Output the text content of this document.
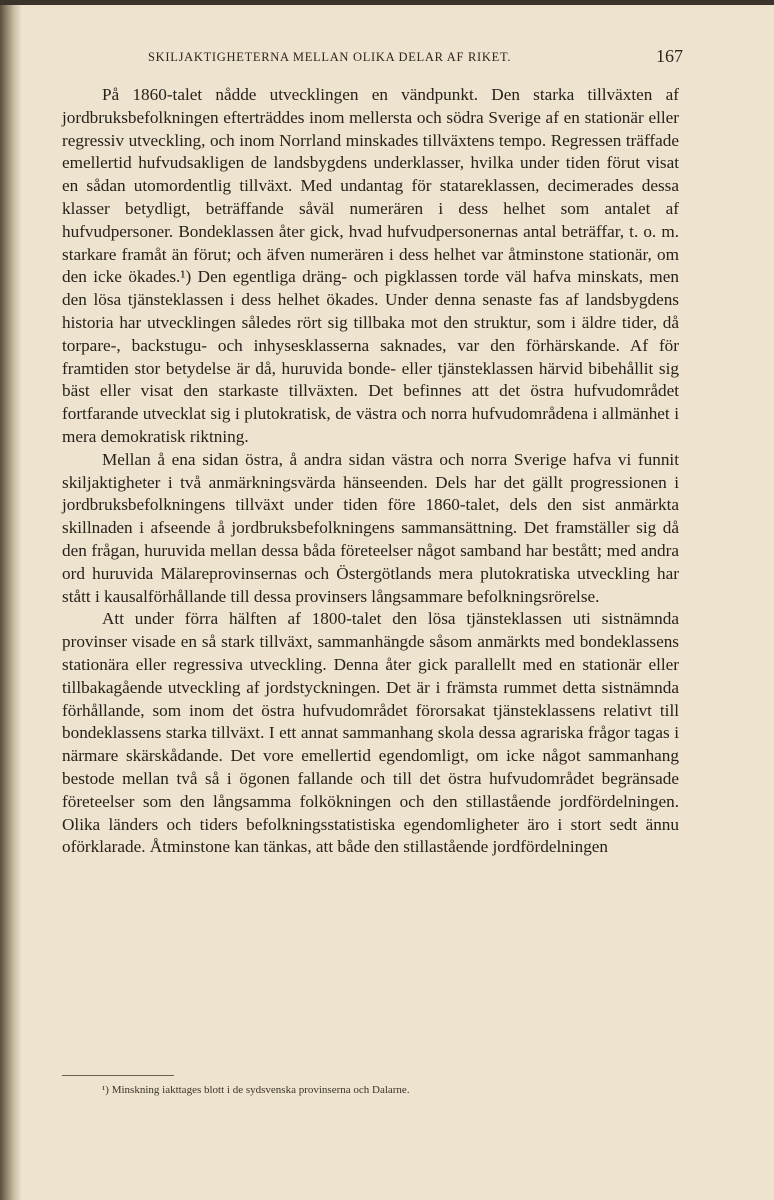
SKILJAKTIGHETERNA MELLAN OLIKA DELAR AF RIKET.	167

På 1860-talet nådde utvecklingen en vändpunkt. Den starka tillväxten af jordbruksbefolkningen efterträddes inom mellersta och södra Sverige af en stationär eller regressiv utveckling, och inom Norrland minskades tillväxtens tempo. Regressen träffade emellertid hufvudsakligen de landsbygdens underklasser, hvilka under tiden förut visat en sådan utomordentlig tillväxt. Med undantag för statareklassen, decimerades dessa klasser betydligt, beträffande såväl numerären i dess helhet som antalet af hufvudpersoner. Bondeklassen åter gick, hvad hufvudpersonernas antal beträffar, t. o. m. starkare framåt än förut; och äfven numerären i dess helhet var åtminstone stationär, om den icke ökades.¹) Den egentliga dräng- och pigklassen torde väl hafva minskats, men den lösa tjänsteklassen i dess helhet ökades. Under denna senaste fas af landsbygdens historia har utvecklingen således rört sig tillbaka mot den struktur, som i äldre tider, då torpare-, backstugu- och inhysesklasserna saknades, var den förhärskande. Af för framtiden stor betydelse är då, huruvida bonde- eller tjänsteklassen härvid bibehållit sig bäst eller visat den starkaste tillväxten. Det befinnes att det östra hufvudområdet fortfarande utvecklat sig i plutokratisk, de västra och norra hufvudområdena i allmänhet i mera demokratisk riktning.

Mellan å ena sidan östra, å andra sidan västra och norra Sverige hafva vi funnit skiljaktigheter i två anmärkningsvärda hänseenden. Dels har det gällt progressionen i jordbruksbefolkningens tillväxt under tiden före 1860-talet, dels den sist anmärkta skillnaden i afseende å jordbruksbefolkningens sammansättning. Det framställer sig då den frågan, huruvida mellan dessa båda företeelser något samband har bestått; med andra ord huruvida Mälareprovinsernas och Östergötlands mera plutokratiska utveckling har stått i kausalförhållande till dessa provinsers långsammare befolkningsrörelse.

Att under förra hälften af 1800-talet den lösa tjänsteklassen uti sistnämnda provinser visade en så stark tillväxt, sammanhängde såsom anmärkts med bondeklassens stationära eller regressiva utveckling. Denna åter gick parallellt med en stationär eller tillbakagående utveckling af jordstyckningen. Det är i främsta rummet detta sistnämnda förhållande, som inom det östra hufvudområdet förorsakat tjänsteklassens relativt till bondeklassens starka tillväxt. I ett annat sammanhang skola dessa agrariska frågor tagas i närmare skärskådande. Det vore emellertid egendomligt, om icke något sammanhang bestode mellan två så i ögonen fallande och till det östra hufvudområdet begränsade företeelser som den långsamma folkökningen och den stillastående jordfördelningen. Olika länders och tiders befolkningsstatistiska egendomligheter äro i stort sedt ännu oförklarade. Åtminstone kan tänkas, att både den stillastående jordfördelningen

¹) Minskning iakttages blott i de sydsvenska provinserna och Dalarne.
